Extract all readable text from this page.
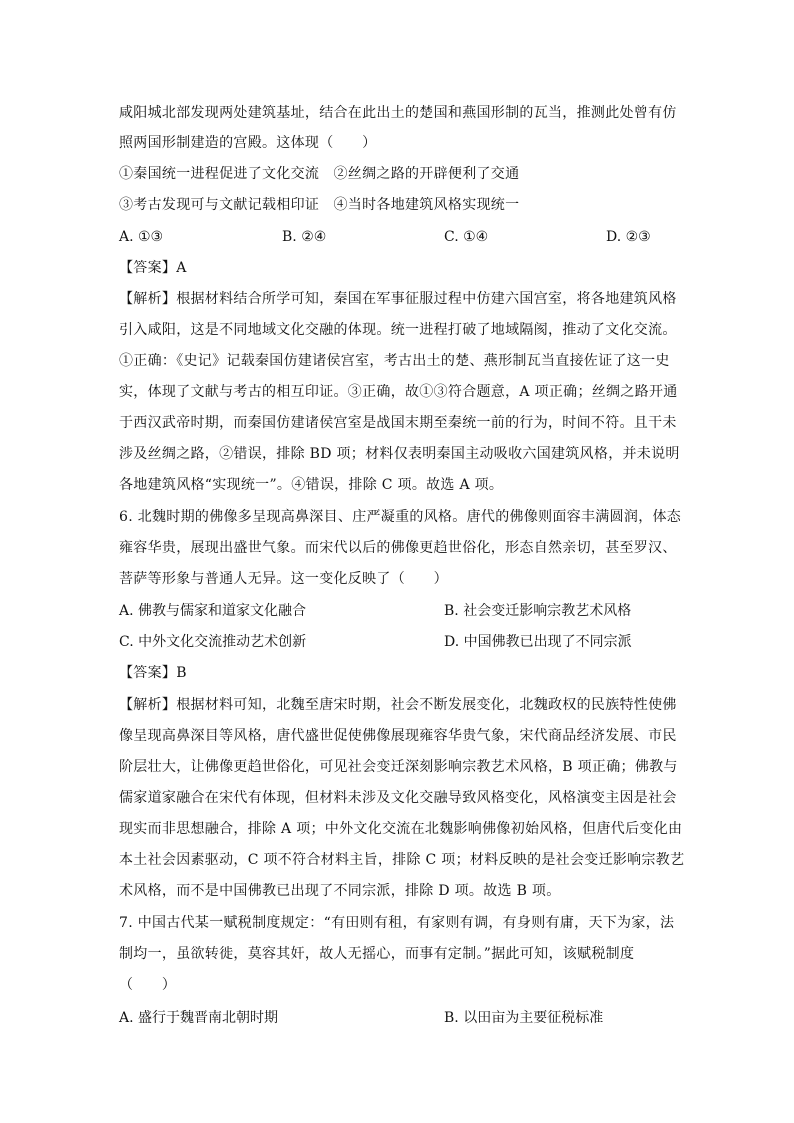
咸阳城北部发现两处建筑基址，结合在此出土的楚国和燕国形制的瓦当，推测此处曾有仿
照两国形制建造的宫殿。这体现（　　）
①秦国统一进程促进了文化交流　②丝绸之路的开辟便利了交通
③考古发现可与文献记载相印证　④当时各地建筑风格实现统一
A. ①③	B. ②④	C. ①④	D. ②③
【答案】A
【解析】根据材料结合所学可知，秦国在军事征服过程中仿建六国宫室，将各地建筑风格
引入咸阳，这是不同地域文化交融的体现。统一进程打破了地域隔阂，推动了文化交流。
①正确：《史记》记载秦国仿建诸侯宫室，考古出土的楚、燕形制瓦当直接佐证了这一史
实，体现了文献与考古的相互印证。③正确，故①③符合题意，A 项正确；丝绸之路开通
于西汉武帝时期，而秦国仿建诸侯宫室是战国末期至秦统一前的行为，时间不符。且干未
涉及丝绸之路，②错误，排除 BD 项；材料仅表明秦国主动吸收六国建筑风格，并未说明
各地建筑风格“实现统一”。④错误，排除 C 项。故选 A 项。
6. 北魏时期的佛像多呈现高鼻深目、庄严凝重的风格。唐代的佛像则面容丰满圆润，体态
雍容华贵，展现出盛世气象。而宋代以后的佛像更趋世俗化，形态自然亲切，甚至罗汉、
菩萨等形象与普通人无异。这一变化反映了（　　）
A. 佛教与儒家和道家文化融合	B. 社会变迁影响宗教艺术风格
C. 中外文化交流推动艺术创新	D. 中国佛教已出现了不同宗派
【答案】B
【解析】根据材料可知，北魏至唐宋时期，社会不断发展变化，北魏政权的民族特性使佛
像呈现高鼻深目等风格，唐代盛世促使佛像展现雍容华贵气象，宋代商品经济发展、市民
阶层壮大，让佛像更趋世俗化，可见社会变迁深刻影响宗教艺术风格，B 项正确；佛教与
儒家道家融合在宋代有体现，但材料未涉及文化交融导致风格变化，风格演变主因是社会
现实而非思想融合，排除 A 项；中外文化交流在北魏影响佛像初始风格，但唐代后变化由
本土社会因素驱动，C 项不符合材料主旨，排除 C 项；材料反映的是社会变迁影响宗教艺
术风格，而不是中国佛教已出现了不同宗派，排除 D 项。故选 B 项。
7. 中国古代某一赋税制度规定：“有田则有租，有家则有调，有身则有庸，天下为家，法
制均一，虽欲转徙，莫容其奸，故人无摇心，而事有定制。”据此可知，该赋税制度
（　　）
A. 盛行于魏晋南北朝时期	B. 以田亩为主要征税标准
